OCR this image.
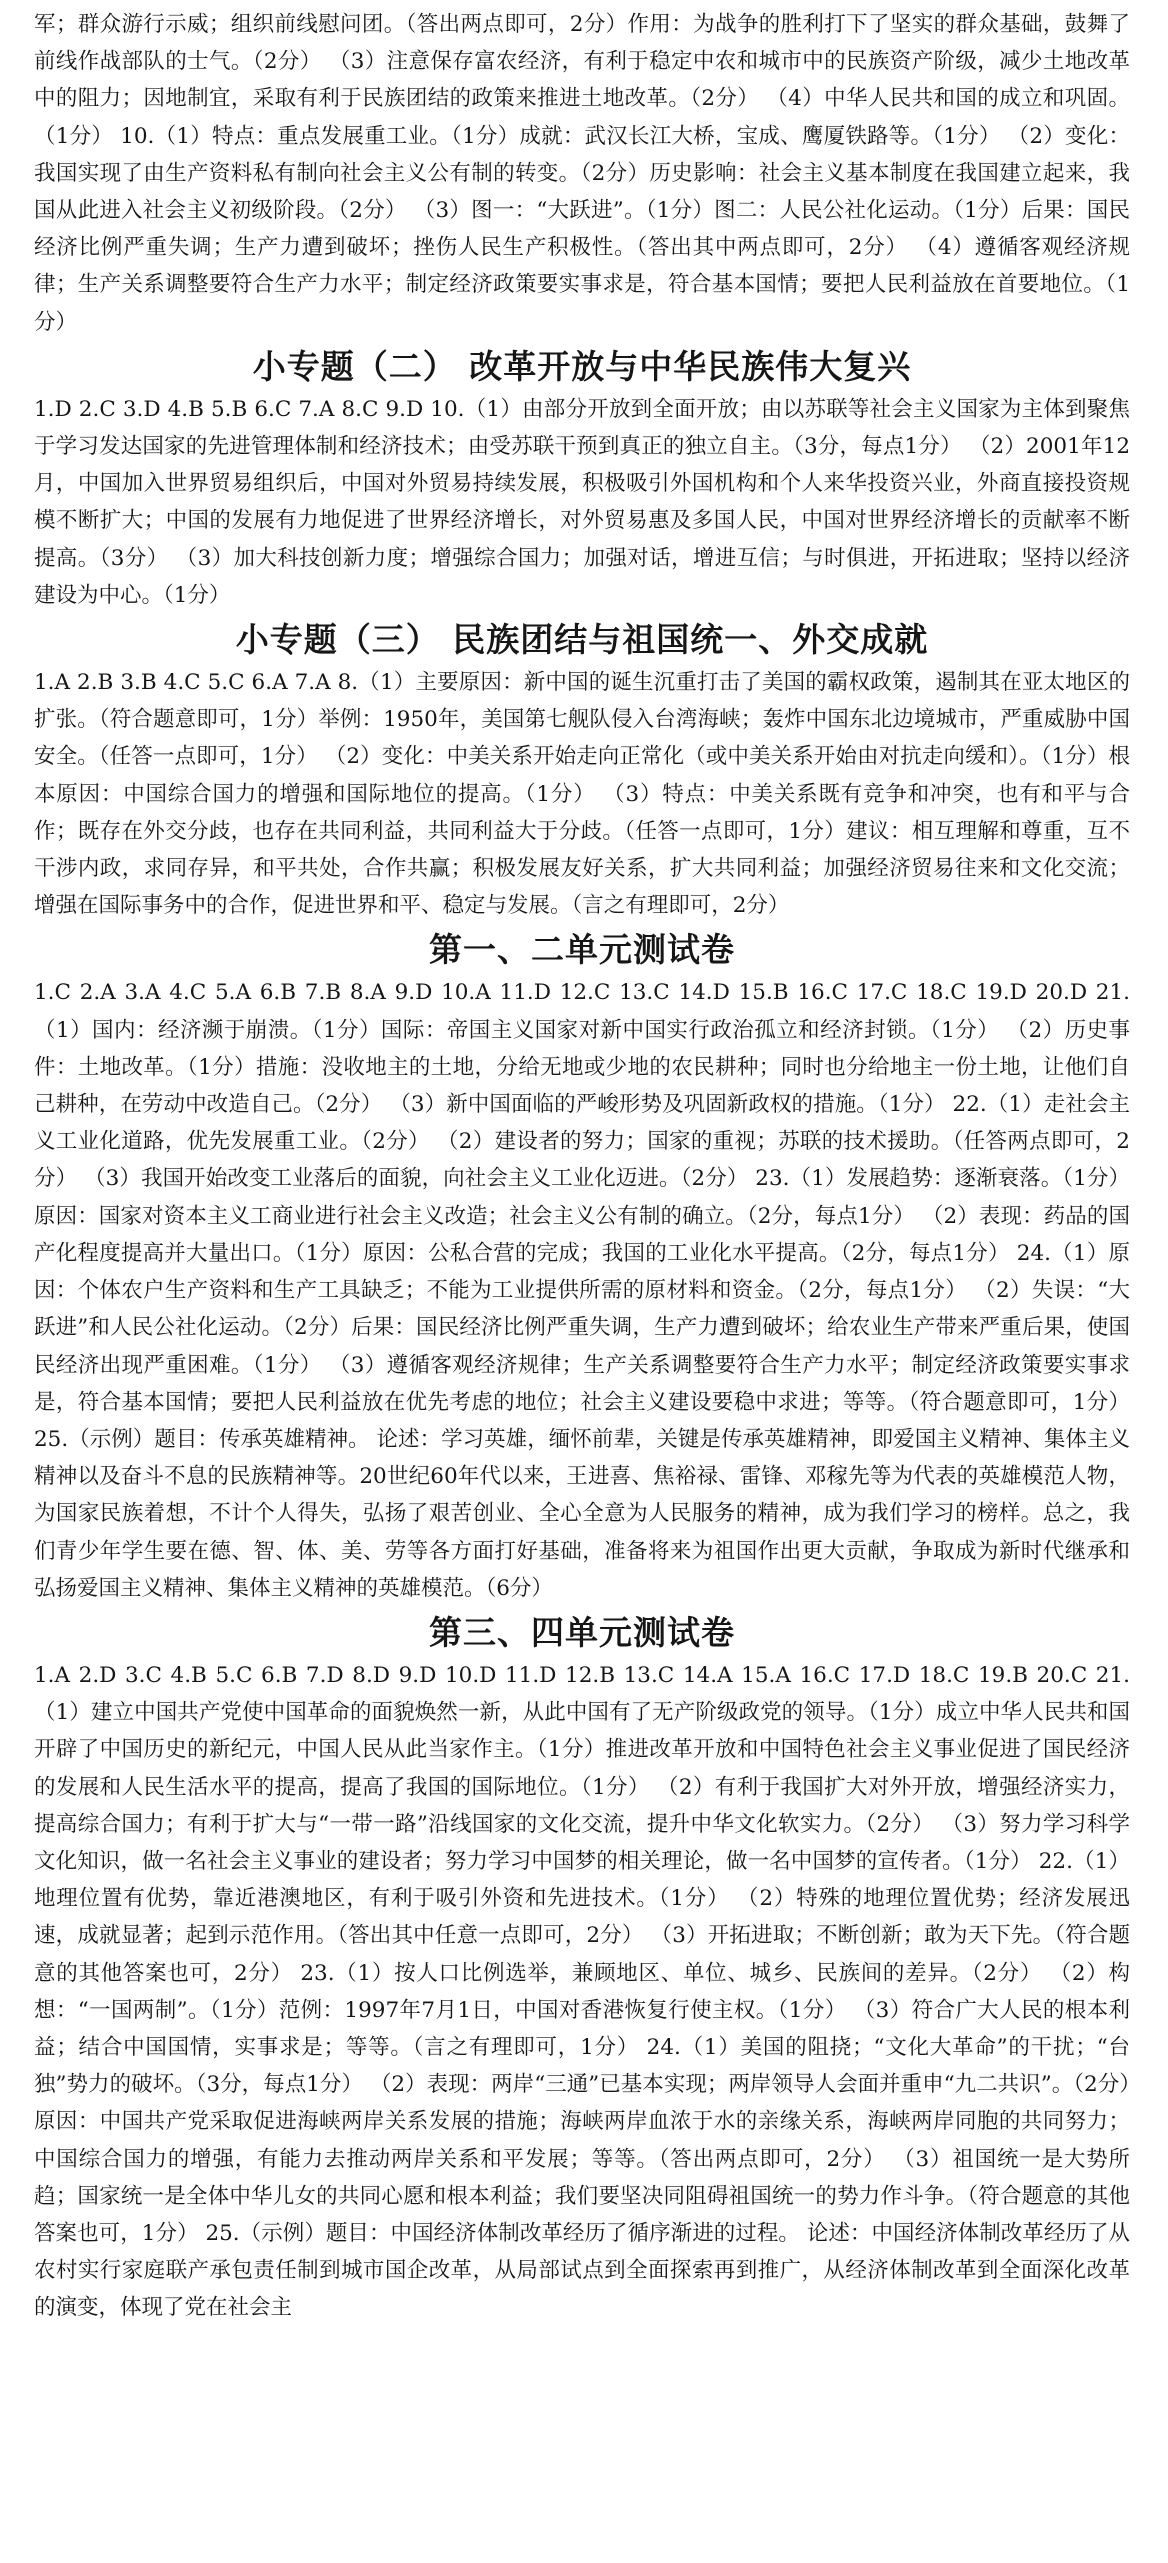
军；群众游行示威；组织前线慰问团。（答出两点即可，2分）作用：为战争的胜利打下了坚实的群众基础，鼓舞了前线作战部队的士气。（2分） （3）注意保存富农经济，有利于稳定中农和城市中的民族资产阶级，减少土地改革中的阻力；因地制宜，采取有利于民族团结的政策来推进土地改革。（2分） （4）中华人民共和国的成立和巩固。（1分） 10.（1）特点：重点发展重工业。（1分）成就：武汉长江大桥，宝成、鹰厦铁路等。（1分） （2）变化：我国实现了由生产资料私有制向社会主义公有制的转变。（2分）历史影响：社会主义基本制度在我国建立起来，我国从此进入社会主义初级阶段。（2分） （3）图一：“大跃进”。（1分）图二：人民公社化运动。（1分）后果：国民经济比例严重失调；生产力遭到破坏；挫伤人民生产积极性。（答出其中两点即可，2分） （4）遵循客观经济规律；生产关系调整要符合生产力水平；制定经济政策要实事求是，符合基本国情；要把人民利益放在首要地位。（1分）

小专题（二） 改革开放与中华民族伟大复兴

1.D 2.C 3.D 4.B 5.B 6.C 7.A 8.C 9.D 10.（1）由部分开放到全面开放；由以苏联等社会主义国家为主体到聚焦于学习发达国家的先进管理体制和经济技术；由受苏联干预到真正的独立自主。（3分，每点1分） （2）2001年12月，中国加入世界贸易组织后，中国对外贸易持续发展，积极吸引外国机构和个人来华投资兴业，外商直接投资规模不断扩大；中国的发展有力地促进了世界经济增长，对外贸易惠及多国人民，中国对世界经济增长的贡献率不断提高。（3分） （3）加大科技创新力度；增强综合国力；加强对话，增进互信；与时俱进，开拓进取；坚持以经济建设为中心。（1分）

小专题（三） 民族团结与祖国统一、外交成就

1.A 2.B 3.B 4.C 5.C 6.A 7.A 8.（1）主要原因：新中国的诞生沉重打击了美国的霸权政策，遏制其在亚太地区的扩张。（符合题意即可，1分）举例：1950年，美国第七舰队侵入台湾海峡；轰炸中国东北边境城市，严重威胁中国安全。（任答一点即可，1分） （2）变化：中美关系开始走向正常化（或中美关系开始由对抗走向缓和）。（1分）根本原因：中国综合国力的增强和国际地位的提高。（1分） （3）特点：中美关系既有竞争和冲突，也有和平与合作；既存在外交分歧，也存在共同利益，共同利益大于分歧。（任答一点即可，1分）建议：相互理解和尊重，互不干涉内政，求同存异，和平共处，合作共赢；积极发展友好关系，扩大共同利益；加强经济贸易往来和文化交流；增强在国际事务中的合作，促进世界和平、稳定与发展。（言之有理即可，2分）

第一、二单元测试卷

1.C 2.A 3.A 4.C 5.A 6.B 7.B 8.A 9.D 10.A 11.D 12.C 13.C 14.D 15.B 16.C 17.C 18.C 19.D 20.D 21.（1）国内：经济濒于崩溃。（1分）国际：帝国主义国家对新中国实行政治孤立和经济封锁。（1分） （2）历史事件：土地改革。（1分）措施：没收地主的土地，分给无地或少地的农民耕种；同时也分给地主一份土地，让他们自己耕种，在劳动中改造自己。（2分） （3）新中国面临的严峻形势及巩固新政权的措施。（1分） 22.（1）走社会主义工业化道路，优先发展重工业。（2分） （2）建设者的努力；国家的重视；苏联的技术援助。（任答两点即可，2分） （3）我国开始改变工业落后的面貌，向社会主义工业化迈进。（2分） 23.（1）发展趋势：逐渐衰落。（1分）原因：国家对资本主义工商业进行社会主义改造；社会主义公有制的确立。（2分，每点1分） （2）表现：药品的国产化程度提高并大量出口。（1分）原因：公私合营的完成；我国的工业化水平提高。（2分，每点1分） 24.（1）原因：个体农户生产资料和生产工具缺乏；不能为工业提供所需的原材料和资金。（2分，每点1分） （2）失误：“大跃进”和人民公社化运动。（2分）后果：国民经济比例严重失调，生产力遭到破坏；给农业生产带来严重后果，使国民经济出现严重困难。（1分） （3）遵循客观经济规律；生产关系调整要符合生产力水平；制定经济政策要实事求是，符合基本国情；要把人民利益放在优先考虑的地位；社会主义建设要稳中求进；等等。（符合题意即可，1分） 25.（示例）题目：传承英雄精神。 论述：学习英雄，缅怀前辈，关键是传承英雄精神，即爱国主义精神、集体主义精神以及奋斗不息的民族精神等。20世纪60年代以来，王进喜、焦裕禄、雷锋、邓稼先等为代表的英雄模范人物，为国家民族着想，不计个人得失，弘扬了艰苦创业、全心全意为人民服务的精神，成为我们学习的榜样。总之，我们青少年学生要在德、智、体、美、劳等各方面打好基础，准备将来为祖国作出更大贡献，争取成为新时代继承和弘扬爱国主义精神、集体主义精神的英雄模范。（6分）

第三、四单元测试卷

1.A 2.D 3.C 4.B 5.C 6.B 7.D 8.D 9.D 10.D 11.D 12.B 13.C 14.A 15.A 16.C 17.D 18.C 19.B 20.C 21.（1）建立中国共产党使中国革命的面貌焕然一新，从此中国有了无产阶级政党的领导。（1分）成立中华人民共和国开辟了中国历史的新纪元，中国人民从此当家作主。（1分）推进改革开放和中国特色社会主义事业促进了国民经济的发展和人民生活水平的提高，提高了我国的国际地位。（1分） （2）有利于我国扩大对外开放，增强经济实力，提高综合国力；有利于扩大与“一带一路”沿线国家的文化交流，提升中华文化软实力。（2分） （3）努力学习科学文化知识，做一名社会主义事业的建设者；努力学习中国梦的相关理论，做一名中国梦的宣传者。（1分） 22.（1）地理位置有优势，靠近港澳地区，有利于吸引外资和先进技术。（1分） （2）特殊的地理位置优势；经济发展迅速，成就显著；起到示范作用。（答出其中任意一点即可，2分） （3）开拓进取；不断创新；敢为天下先。（符合题意的其他答案也可，2分） 23.（1）按人口比例选举，兼顾地区、单位、城乡、民族间的差异。（2分） （2）构想：“一国两制”。（1分）范例：1997年7月1日，中国对香港恢复行使主权。（1分） （3）符合广大人民的根本利益；结合中国国情，实事求是；等等。（言之有理即可，1分） 24.（1）美国的阻挠；“文化大革命”的干扰；“台独”势力的破坏。（3分，每点1分） （2）表现：两岸“三通”已基本实现；两岸领导人会面并重申“九二共识”。（2分）原因：中国共产党采取促进海峡两岸关系发展的措施；海峡两岸血浓于水的亲缘关系，海峡两岸同胞的共同努力；中国综合国力的增强，有能力去推动两岸关系和平发展；等等。（答出两点即可，2分） （3）祖国统一是大势所趋；国家统一是全体中华儿女的共同心愿和根本利益；我们要坚决同阻碍祖国统一的势力作斗争。（符合题意的其他答案也可，1分） 25.（示例）题目：中国经济体制改革经历了循序渐进的过程。 论述：中国经济体制改革经历了从农村实行家庭联产承包责任制到城市国企改革，从局部试点到全面探索再到推广，从经济体制改革到全面深化改革的演变，体现了党在社会主
